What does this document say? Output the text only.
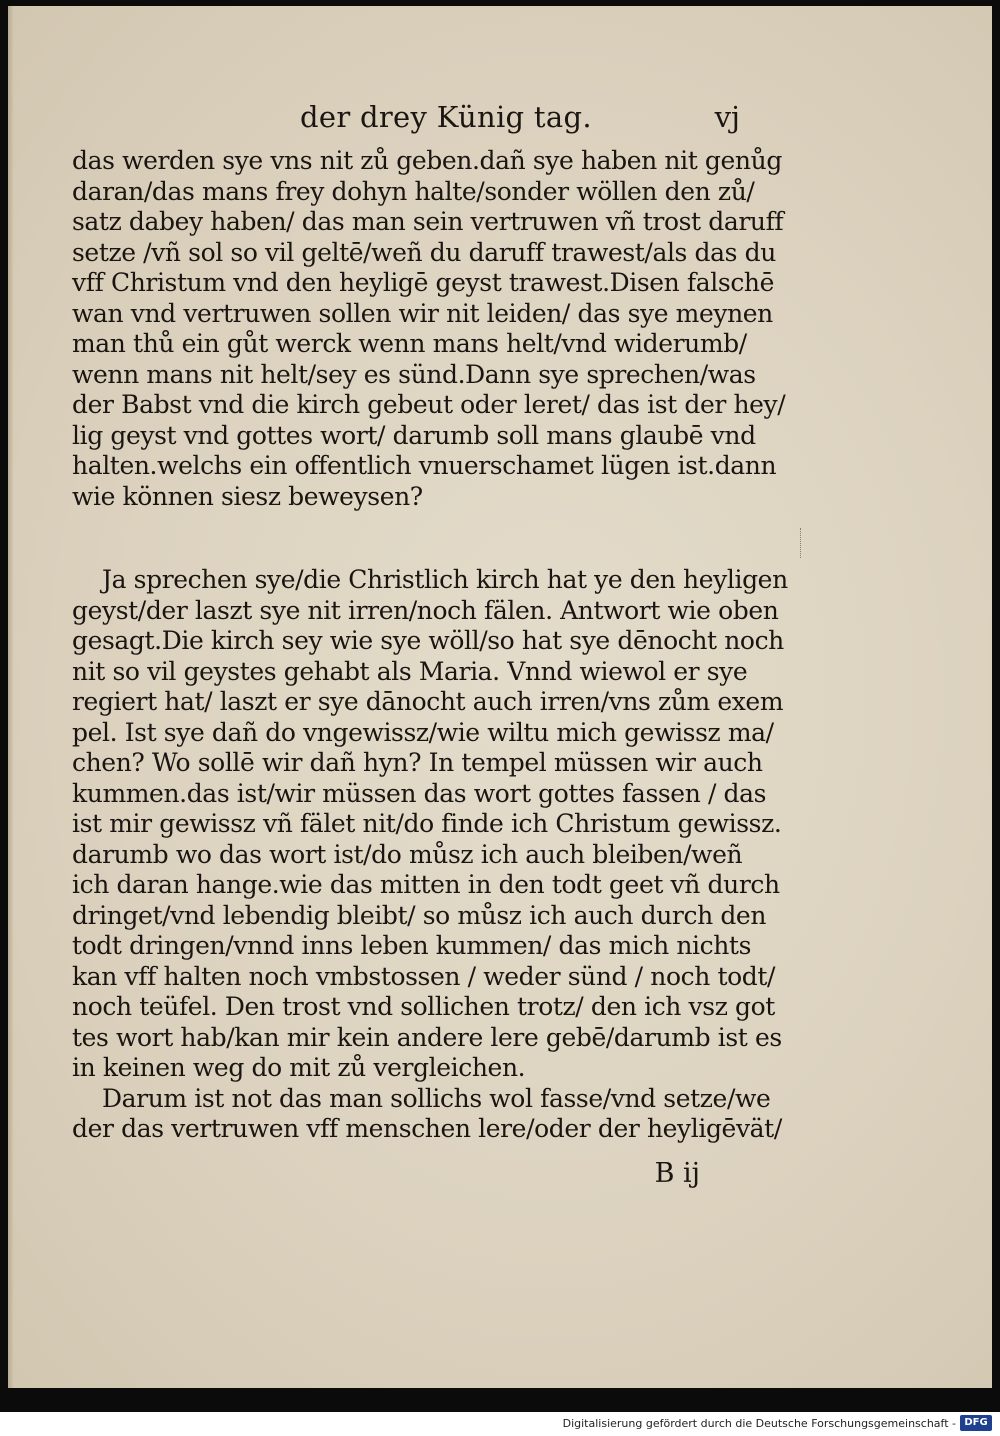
der drey Künig tag.	vj
das werden sye vns nit zů geben.dañ sye haben nit genůg
daran/das mans frey dohyn halte/sonder wöllen den zů/
satz dabey haben/ das man sein vertruwen vñ trost daruff
setze /vñ sol so vil geltē/weñ du daruff trawest/als das du
vff Christum vnd den heyligē geyst trawest.Disen falschē
wan vnd vertruwen sollen wir nit leiden/ das sye meynen
man thů ein gůt werck wenn mans helt/vnd widerumb/
wenn mans nit helt/sey es sünd.Dann sye sprechen/was
der Babst vnd die kirch gebeut oder leret/ das ist der hey/
lig geyst vnd gottes wort/ darumb soll mans glaubē vnd
halten.welchs ein offentlich vnuerschamet lügen ist.dann
wie können siesz beweysen?
Ja sprechen sye/die Christlich kirch hat ye den heyligen
geyst/der laszt sye nit irren/noch fälen. Antwort wie oben
gesagt.Die kirch sey wie sye wöll/so hat sye dēnocht noch
nit so vil geystes gehabt als Maria. Vnnd wiewol er sye
regiert hat/ laszt er sye dānocht auch irren/vns zům exem
pel. Ist sye dañ do vngewissz/wie wiltu mich gewissz ma/
chen? Wo sollē wir dañ hyn? In tempel müssen wir auch
kummen.das ist/wir müssen das wort gottes fassen / das
ist mir gewissz vñ fälet nit/do finde ich Christum gewissz.
darumb wo das wort ist/do můsz ich auch bleiben/weñ
ich daran hange.wie das mitten in den todt geet vñ durch
dringet/vnd lebendig bleibt/ so můsz ich auch durch den
todt dringen/vnnd inns leben kummen/ das mich nichts
kan vff halten noch vmbstossen / weder sünd / noch todt/
noch teüfel. Den trost vnd sollichen trotz/ den ich vsz got
tes wort hab/kan mir kein andere lere gebē/darumb ist es
in keinen weg do mit zů vergleichen.
Darum ist not das man sollichs wol fasse/vnd setze/we
der das vertruwen vff menschen lere/oder der heyligēvät/
B ij
Digitalisierung gefördert durch die Deutsche Forschungsgemeinschaft - DFG
